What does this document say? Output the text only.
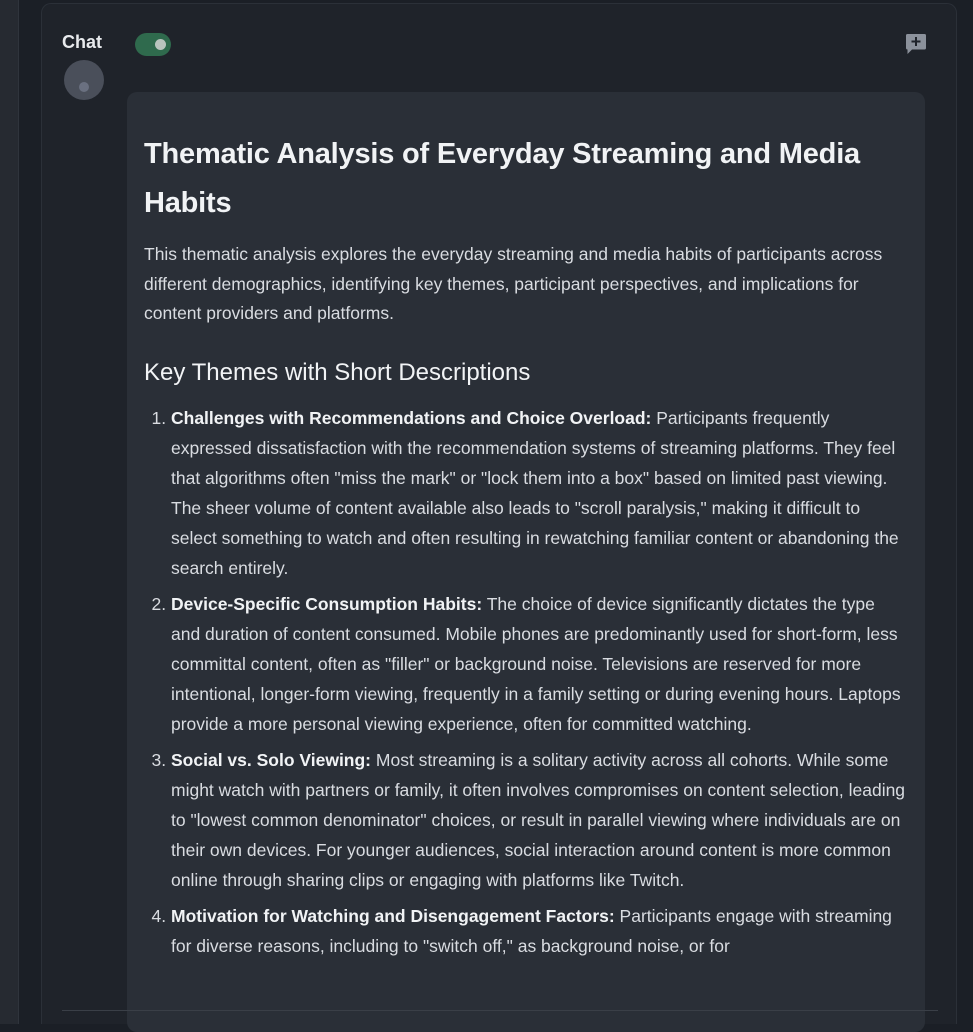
Chat
Thematic Analysis of Everyday Streaming and Media Habits

This thematic analysis explores the everyday streaming and media habits of participants across different demographics, identifying key themes, participant perspectives, and implications for content providers and platforms.

Key Themes with Short Descriptions
1. Challenges with Recommendations and Choice Overload: Participants frequently expressed dissatisfaction with the recommendation systems of streaming platforms. They feel that algorithms often "miss the mark" or "lock them into a box" based on limited past viewing. The sheer volume of content available also leads to "scroll paralysis," making it difficult to select something to watch and often resulting in rewatching familiar content or abandoning the search entirely.
2. Device-Specific Consumption Habits: The choice of device significantly dictates the type and duration of content consumed. Mobile phones are predominantly used for short-form, less committal content, often as "filler" or background noise. Televisions are reserved for more intentional, longer-form viewing, frequently in a family setting or during evening hours. Laptops provide a more personal viewing experience, often for committed watching.
3. Social vs. Solo Viewing: Most streaming is a solitary activity across all cohorts. While some might watch with partners or family, it often involves compromises on content selection, leading to "lowest common denominator" choices, or result in parallel viewing where individuals are on their own devices. For younger audiences, social interaction around content is more common online through sharing clips or engaging with platforms like Twitch.
4. Motivation for Watching and Disengagement Factors: Participants engage with streaming for diverse reasons, including to "switch off," as background noise, or for
